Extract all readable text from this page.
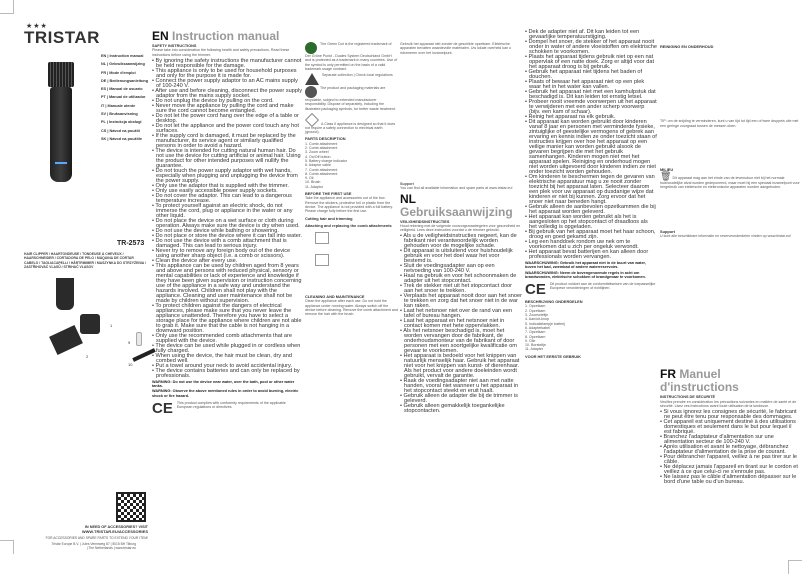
★★★
TRISTAR
EN | Instruction manual
NL | Gebruiksaanwijzing
FR | Mode d'emploi
DE | Bedienungsanleitung
ES | Manual de usuario
PT | Manual de utilizador
IT | Manuale utente
SV | Bruksanvisning
PL | Instrukcja obsługi
CS | Návod na použití
SK | Návod na použitie
TR-2573
HAIR CLIPPER / HAARTONDEUSE / TONDEUSE À CHEVEUX / HAARSCHNEIDER / CORTADORA DE PELO / MÁQUINA DE CORTAR CABELO / TAGLIACAPELLI / HÅRTRIMMER / MASZYNKA DO STRZYŻENIA / ZASTŘIHOVAČ VLASŮ / STRIHAČ VLASOV
1
2
9
10
IN NEED OF ACCESSORIES? VISIT
WWW.TRISTAR.EU/ACCESSORIES
FOR ACCESSORIES AND SPARE PARTS TO EXTEND YOUR ITEM!
Tristar Europe B.V. | Jules Verneweg 87 | 5015 BH Tilburg | The Netherlands | www.tristar.eu
EN Instruction manual
SAFETY INSTRUCTIONS
Please take into consideration the following health and safety precautions. Read these instructions before using the trimmer.
• By ignoring the safety instructions the manufacturer cannot be held responsible for the damage.
• This appliance is only to be used for household purposes and only for the purpose it is made for.
• Connect the power supply adaptor to an AC mains supply of 100-240 V.
• After use and before cleaning, disconnect the power supply adaptor from the mains supply socket.
• Do not unplug the device by pulling on the cord.
• Never move the appliance by pulling the cord and make sure the cord cannot become entangled.
• Do not let the power cord hang over the edge of a table or desktop.
• Do not let the appliance and the power cord touch any hot surfaces.
• If the supply cord is damaged, it must be replaced by the manufacturer, its service agent or similarly qualified persons in order to avoid a hazard.
• The device is intended for cutting natural human hair. Do not use the device for cutting artificial or animal hair. Using the product for other intended purposes will nullify the guarantee.
• Do not touch the power supply adaptor with wet hands, especially when plugging and unplugging the device from the power supply.
• Only use the adaptor that is supplied with the trimmer.
• Only use easily accessible power supply sockets.
• Do not cover the adaptor. This can lead to a dangerous temperature increase.
• To protect yourself against an electric shock, do not immerse the cord, plug or appliance in the water or any other liquid.
• Do not place the device on a wet surface or cloth during operation. Always make sure the device is dry when used.
• Do not use the device while bathing or showering.
• Do not place or store the device where it can fall into water.
• Do not use the device with a comb attachment that is damaged. This can lead to serious injury.
• Never try to remove any foreign body out of the device using another sharp object (i.e. a comb or scissors).
• Clean the device after every use.
• This appliance can be used by children aged from 8 years and above and persons with reduced physical, sensory or mental capabilities or lack of experience and knowledge if they have been given supervision or instruction concerning use of the appliance in a safe way and understand the hazards involved. Children shall not play with the appliance. Cleaning and user maintenance shall not be made by children without supervision.
• To protect children against the dangers of electrical appliances, please make sure that you never leave the appliance unattended. Therefore you have to select a storage place for the appliance where children are not able to grab it. Make sure that the cable is not hanging in a downward position.
• Only use the recommended comb attachments that are supplied with the device.
• The device can be used while plugged in or cordless when fully charged.
• When using the device, the hair must be clean, dry and combed well.
• Put a towel around your neck to avoid accidental injury.
• The device contains batteries and can only be replaced by professionals.
WARNING: Do not use the device near water, over the bath, pool or other water tanks.
WARNING: Observe the above mentioned rules in order to avoid burning, electric shock or fire hazard.
CE This product complies with conformity requirements of the applicable European regulations or directives.

The Green Dot is the registered trademark of Der Grüne Punkt - Duales System Deutschland GmbH and is protected as a trademark in many countries. Use of the symbol is only permitted on the basis of a valid trademark usage contract.

Separate collection | Check local regulations

The product and packaging materials are recyclable, subject to extended manufacturer responsibility. Dispose of separately, including the illustrated packaging symbols, for better waste treatment.

A Class II appliance is designed so that it does not require a safety connection to electrical earth (ground).

PARTS DESCRIPTION
1. Comb attachment
2. Comb attachment
3. Zoom wheel
4. On/Off button
5. Battery charge indicator
6. Adaptor cable
7. Comb attachment
8. Comb attachment
9. Oil
10. Brush
11. Adaptor
BEFORE THE FIRST USE

Take the appliance and accessories out of the box. Remove the stickers, protective foil or plastic from the device. The appliance is not provided with a full battery. Please charge fully before the first use.

Cutting hair and trimming
Attaching and replacing the comb attachments
CLEANING AND MAINTENANCE

Clean the appliance after each use. Do not hold the appliance under running water. Always switch off the device before cleaning. Remove the comb attachment and remove the hair with the brush.

Gebruik het apparaat niet zonder de geschikte opzetkam. Elektrische apparaten bevatten waardevolle materialen. Uw lokale overheid kan u informeren over het inzamelpunt.

Support

You can find all available information and spare parts at www.tristar.eu!

NL Gebruiksaanwijzing
VEILIGHEIDSINSTRUCTIES
Houd rekening met de volgende voorzorgsmaatregelen voor gezondheid en veiligheid. Lees deze instructies voordat u de trimmer gebruikt.
• Als u de veiligheidsinstructies negeert, kan de fabrikant niet verantwoordelijk worden gehouden voor de mogelijke schade.
• Dit apparaat is uitsluitend voor huishoudelijk gebruik en voor het doel waar het voor bestemd is.
• Sluit de voedingsadapter aan op een netvoeding van 100-240 V.
• Haal na gebruik en voor het schoonmaken de adapter uit het stopcontact.
• Trek de stekker niet uit het stopcontact door aan het snoer te trekken.
• Verplaats het apparaat nooit door aan het snoer te trekken en zorg dat het snoer niet in de war kan raken.
• Laat het netsnoer niet over de rand van een tafel of bureau hangen.
• Laat het apparaat en het netsnoer niet in contact komen met hete oppervlakken.
• Als het netsnoer beschadigd is, moet het worden vervangen door de fabrikant, de onderhoudsmonteur van de fabrikant of door personen met een soortgelijke kwalificatie om gevaar te voorkomen.
• Het apparaat is bedoeld voor het knippen van natuurlijk menselijk haar. Gebruik het apparaat niet voor het knippen van kunst- of dierenhaar. Als het product voor andere doeleinden wordt gebruikt, vervalt de garantie.
• Raak de voedingsadapter niet aan met natte handen, vooral niet wanneer u het apparaat in het stopcontact steekt en eruit haalt.
• Gebruik alleen de adapter die bij de trimmer is geleverd.
• Gebruik alleen gemakkelijk toegankelijke stopcontacten.
• Dek de adapter niet af. Dit kan leiden tot een gevaarlijke temperatuurstijging.
• Dompel het snoer, de stekker of het apparaat nooit onder in water of andere vloeistoffen om elektrische schokken te voorkomen.
• Plaats het apparaat tijdens gebruik niet op een nat oppervlak of een natte doek. Zorg er altijd voor dat het apparaat droog is bij gebruik.
• Gebruik het apparaat niet tijdens het baden of douchen.
• Plaats of bewaar het apparaat niet op een plek waar het in het water kan vallen.
• Gebruik het apparaat niet met een kamhulpstuk dat beschadigd is. Dit kan leiden tot ernstig letsel.
• Probeer nooit vreemde voorwerpen uit het apparaat te verwijderen met een ander scherp voorwerp (bijv. een kam of schaar).
• Reinig het apparaat na elk gebruik.
• Dit apparaat kan worden gebruikt door kinderen vanaf 8 jaar en personen met verminderde fysieke, zintuiglijke of geestelijke vermogens of gebrek aan ervaring en kennis indien ze onder toezicht staan of instructies krijgen over hoe het apparaat op een veilige manier kan worden gebruikt alsook de gevaren begrijpen die met het gebruik samenhangen. Kinderen mogen niet met het apparaat spelen. Reiniging en onderhoud mogen niet worden uitgevoerd door kinderen indien ze niet onder toezicht worden gehouden.
• Om kinderen te beschermen tegen de gevaren van elektrische apparatuur mag u ze nooit zonder toezicht bij het apparaat laten. Selecteer daarom een plek voor uw apparaat op dusdanige wijze dat kinderen er niet bij kunnen. Zorg ervoor dat het snoer niet naar beneden hangt.
• Gebruik alleen de aanbevolen opzetkammen die bij het apparaat worden geleverd.
• Het apparaat kan worden gebruikt als het is aangesloten op het stopcontact of draadloos als het volledig is opgeladen.
• Bij gebruik van het apparaat moet het haar schoon, droog en goed gekamd zijn.
• Leg een handdoek rondom uw nek om te voorkomen dat u zich per ongeluk verwondt.
• Het apparaat bevat batterijen en kan alleen door professionals worden vervangen.
WAARSCHUWING: Gebruik het apparaat niet in de buurt van water, boven het bad, zwembad of andere waterreservoirs.
WAARSCHUWING: Neem de bovengenoemde regels in acht om brandwonden, elektrische schokken of brandgevaar te voorkomen.
CE Dit product voldoet aan de conformiteitseisen van de toepasselijke Europese verordeningen of richtlijnen.
BESCHRIJVING ONDERDELEN
1. Opzetkam
2. Opzetkam
3. Zoomwieltje
4. Aan/uit-knop
5. Indicatielampje batterij
6. Adapterkabel
7. Opzetkam
8. Opzetkam
9. Olie
10. Borsteltje
11. Adapter
VOOR HET EERSTE GEBRUIK
REINIGING EN ONDERHOUD

TIP: om de snijding te verminderen, kunt u van tijd tot tijd een of twee druppels olie met een geringe zuurgraad tussen de messen doen.

MILIEU

🗑 Dit apparaat mag aan het einde van de levensduur niet bij het normale huishoudelijke afval worden gedeponeerd, maar moet bij een speciaal inzamelpunt voor hergebruik van elektrische en elektronische apparaten worden aangeboden.

Support

U kunt alle beschikbare informatie en reserveonderdelen vinden op www.tristar.eu!

FR Manuel d'instructions
INSTRUCTIONS DE SÉCURITÉ
Veuillez prendre en considération les précautions suivantes en matière de santé et de sécurité. Lisez ces instructions avant toute utilisation de la tondeuse.
• Si vous ignorez les consignes de sécurité, le fabricant ne peut être tenu pour responsable des dommages.
• Cet appareil est uniquement destiné à des utilisations domestiques et seulement dans le but pour lequel il est fabriqué.
• Branchez l'adaptateur d'alimentation sur une alimentation secteur de 100-240 V.
• Après utilisation et avant le nettoyage, débranchez l'adaptateur d'alimentation de la prise de courant.
• Pour débrancher l'appareil, veillez à ne pas tirer sur le câble.
• Ne déplacez jamais l'appareil en tirant sur le cordon et veillez à ce que celui-ci ne s'enroule pas.
• Ne laissez pas le câble d'alimentation dépasser sur le bord d'une table ou d'un bureau.
